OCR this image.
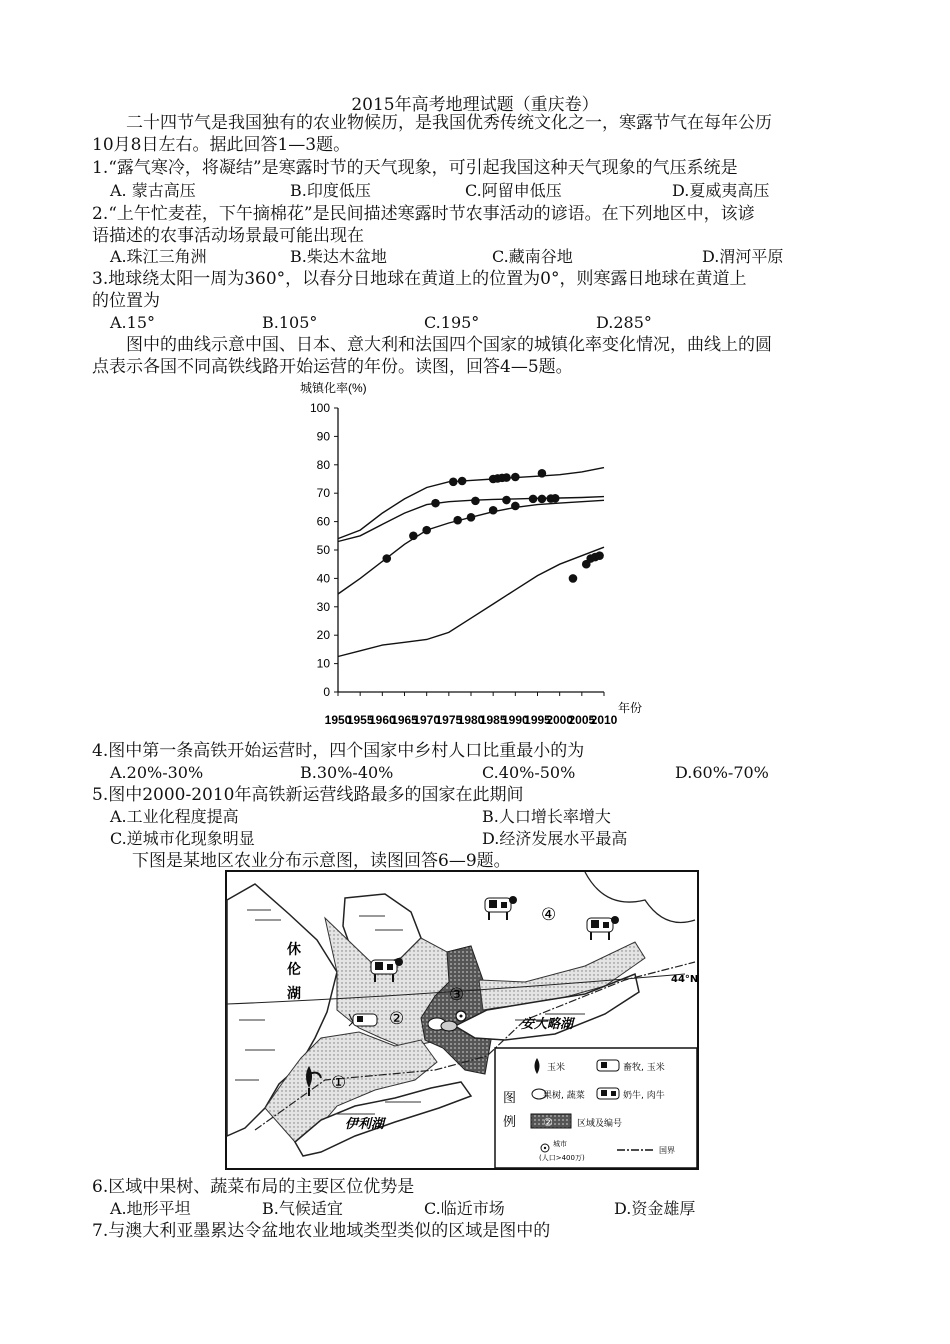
2015年高考地理试题（重庆卷）
二十四节气是我国独有的农业物候历，是我国优秀传统文化之一，寒露节气在每年公历
10月8日左右。据此回答1—3题。
1.“露气寒冷，将凝结”是寒露时节的天气现象，可引起我国这种天气现象的气压系统是
A. 蒙古高压	B.印度低压	C.阿留申低压	D.夏威夷高压
2.“上午忙麦茬，下午摘棉花”是民间描述寒露时节农事活动的谚语。在下列地区中，该谚
语描述的农事活动场景最可能出现在
A.珠江三角洲	B.柴达木盆地	C.藏南谷地	D.渭河平原
3.地球绕太阳一周为360°，以春分日地球在黄道上的位置为0°，则寒露日地球在黄道上
的位置为
A.15°	B.105°	C.195°	D.285°
图中的曲线示意中国、日本、意大利和法国四个国家的城镇化率变化情况，曲线上的圆
点表示各国不同高铁线路开始运营的年份。读图，回答4—5题。
城镇化率(%)
年份
0
10
20
30
40
50
60
70
80
90
100
1950
1955
1960
1965
1970
1975
1980
1985
1990
1995
2000
2005
2010
4.图中第一条高铁开始运营时，四个国家中乡村人口比重最小的为
A.20%-30%	B.30%-40%	C.40%-50%	D.60%-70%
5.图中2000-2010年高铁新运营线路最多的国家在此期间
A.工业化程度提高	B.人口增长率增大
C.逆城市化现象明显	D.经济发展水平最高
下图是某地区农业分布示意图，读图回答6—9题。
44°N
休
伦
湖
安大略湖
伊利湖
①
②
③
④
图
例
玉米	畜牧, 玉米
果树, 蔬菜	奶牛, 肉牛
②	区域及编号
城市
(人口>400万)
国界
6.区域中果树、蔬菜布局的主要区位优势是
A.地形平坦	B.气候适宜	C.临近市场	D.资金雄厚
7.与澳大利亚墨累达令盆地农业地域类型类似的区域是图中的
